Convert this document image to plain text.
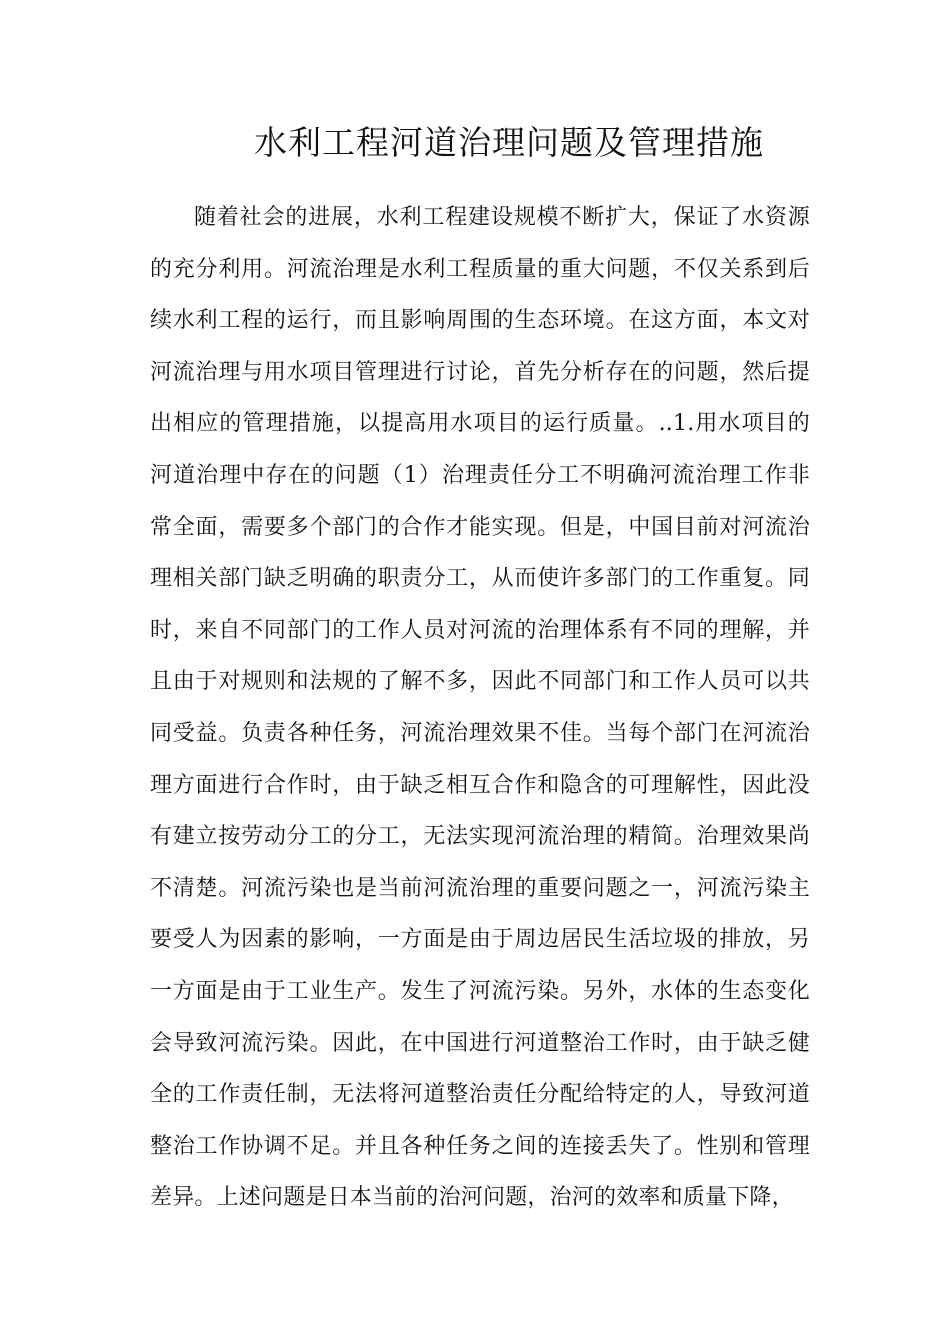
水利工程河道治理问题及管理措施
随着社会的进展，水利工程建设规模不断扩大，保证了水资源
的充分利用。河流治理是水利工程质量的重大问题，不仅关系到后
续水利工程的运行，而且影响周围的生态环境。在这方面，本文对
河流治理与用水项目管理进行讨论，首先分析存在的问题，然后提
出相应的管理措施，以提高用水项目的运行质量。..1.用水项目的
河道治理中存在的问题（1）治理责任分工不明确河流治理工作非
常全面，需要多个部门的合作才能实现。但是，中国目前对河流治
理相关部门缺乏明确的职责分工，从而使许多部门的工作重复。同
时，来自不同部门的工作人员对河流的治理体系有不同的理解，并
且由于对规则和法规的了解不多，因此不同部门和工作人员可以共
同受益。负责各种任务，河流治理效果不佳。当每个部门在河流治
理方面进行合作时，由于缺乏相互合作和隐含的可理解性，因此没
有建立按劳动分工的分工，无法实现河流治理的精简。治理效果尚
不清楚。河流污染也是当前河流治理的重要问题之一，河流污染主
要受人为因素的影响，一方面是由于周边居民生活垃圾的排放，另
一方面是由于工业生产。发生了河流污染。另外，水体的生态变化
会导致河流污染。因此，在中国进行河道整治工作时，由于缺乏健
全的工作责任制，无法将河道整治责任分配给特定的人，导致河道
整治工作协调不足。并且各种任务之间的连接丢失了。性别和管理
差异。上述问题是日本当前的治河问题，治河的效率和质量下降，
